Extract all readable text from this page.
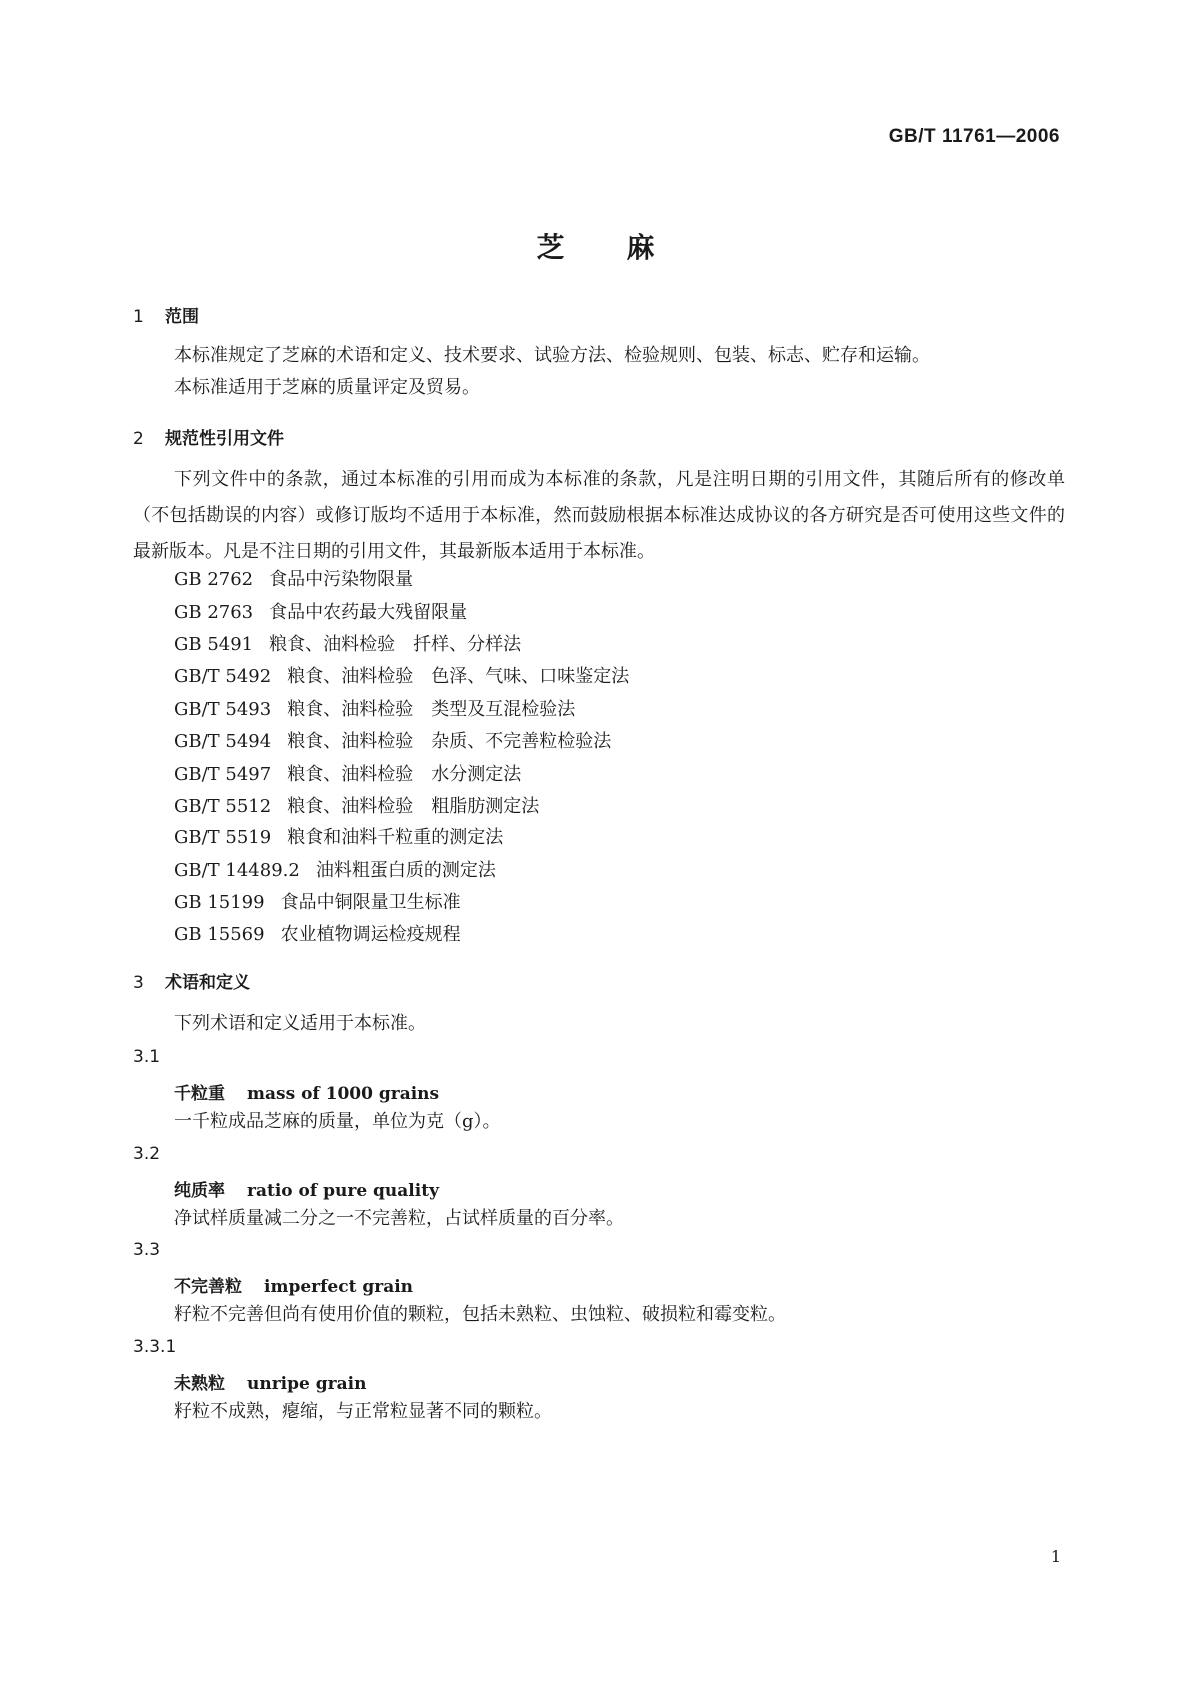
GB/T 11761—2006
芝麻
1 范围
本标准规定了芝麻的术语和定义、技术要求、试验方法、检验规则、包装、标志、贮存和运输。
本标准适用于芝麻的质量评定及贸易。
2 规范性引用文件
下列文件中的条款，通过本标准的引用而成为本标准的条款，凡是注明日期的引用文件，其随后所有的修改单（不包括勘误的内容）或修订版均不适用于本标准，然而鼓励根据本标准达成协议的各方研究是否可使用这些文件的最新版本。凡是不注日期的引用文件，其最新版本适用于本标准。
GB 2762 食品中污染物限量
GB 2763 食品中农药最大残留限量
GB 5491 粮食、油料检验　扦样、分样法
GB/T 5492 粮食、油料检验　色泽、气味、口味鉴定法
GB/T 5493 粮食、油料检验　类型及互混检验法
GB/T 5494 粮食、油料检验　杂质、不完善粒检验法
GB/T 5497 粮食、油料检验　水分测定法
GB/T 5512 粮食、油料检验　粗脂肪测定法
GB/T 5519 粮食和油料千粒重的测定法
GB/T 14489.2 油料粗蛋白质的测定法
GB 15199 食品中铜限量卫生标准
GB 15569 农业植物调运检疫规程
3 术语和定义
下列术语和定义适用于本标准。
3.1
千粒重 mass of 1000 grains
一千粒成品芝麻的质量，单位为克（g）。
3.2
纯质率 ratio of pure quality
净试样质量减二分之一不完善粒，占试样质量的百分率。
3.3
不完善粒 imperfect grain
籽粒不完善但尚有使用价值的颗粒，包括未熟粒、虫蚀粒、破损粒和霉变粒。
3.3.1
未熟粒 unripe grain
籽粒不成熟，瘪缩，与正常粒显著不同的颗粒。
1
